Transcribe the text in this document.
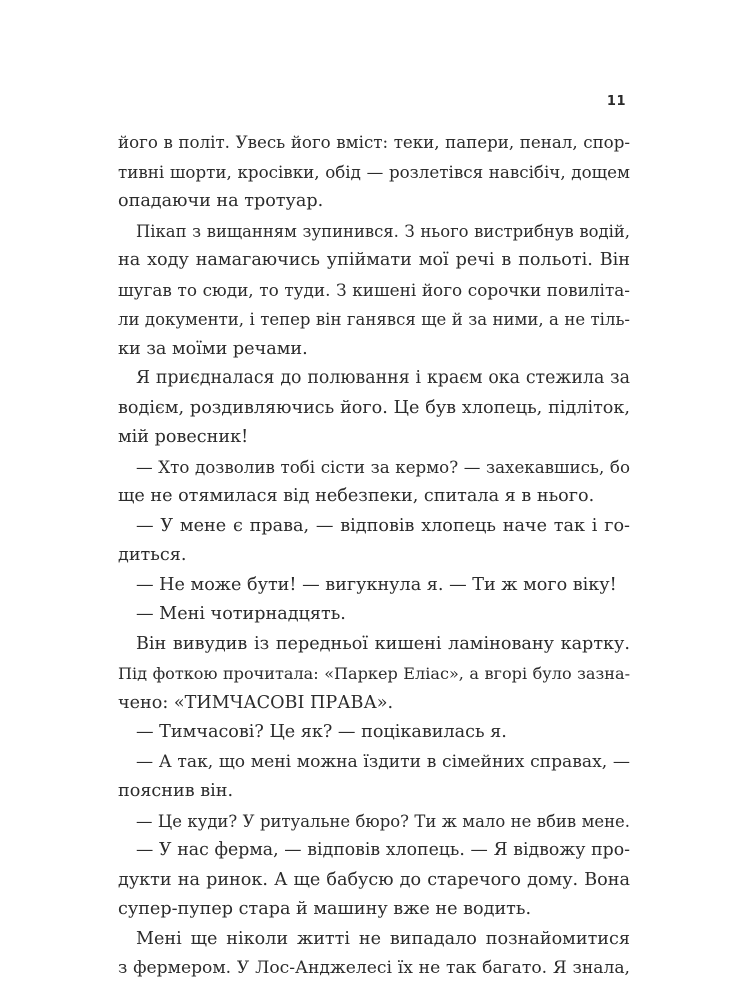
11
його в політ. Увесь його вміст: теки, папери, пенал, спор-
тивні шорти, кросівки, обід — розлетівся навсібіч, дощем
опадаючи на тротуар.
Пікап з вищанням зупинився. З нього вистрибнув водій,
на ходу намагаючись упіймати мої речі в польоті. Він
шугав то сюди, то туди. З кишені його сорочки повиліта-
ли документи, і тепер він ганявся ще й за ними, а не тіль-
ки за моїми речами.
Я приєдналася до полювання і краєм ока стежила за
водієм, роздивляючись його. Це був хлопець, підліток,
мій ровесник!
— Хто дозволив тобі сісти за кермо? — захекавшись, бо
ще не отямилася від небезпеки, спитала я в нього.
— У мене є права, — відповів хлопець наче так і го-
диться.
— Не може бути! — вигукнула я. — Ти ж мого віку!
— Мені чотирнадцять.
Він вивудив із передньої кишені ламіновану картку.
Під фоткою прочитала: «Паркер Еліас», а вгорі було зазна-
чено: «ТИМЧАСОВІ ПРАВА».
— Тимчасові? Це як? — поцікавилась я.
— А так, що мені можна їздити в сімейних справах, —
пояснив він.
— Це куди? У ритуальне бюро? Ти ж мало не вбив мене.
— У нас ферма, — відповів хлопець. — Я відвожу про-
дукти на ринок. А ще бабусю до старечого дому. Вона
супер-пупер стара й машину вже не водить.
Мені ще ніколи житті не випадало познайомитися
з фермером. У Лос-Анджелесі їх не так багато. Я знала,
